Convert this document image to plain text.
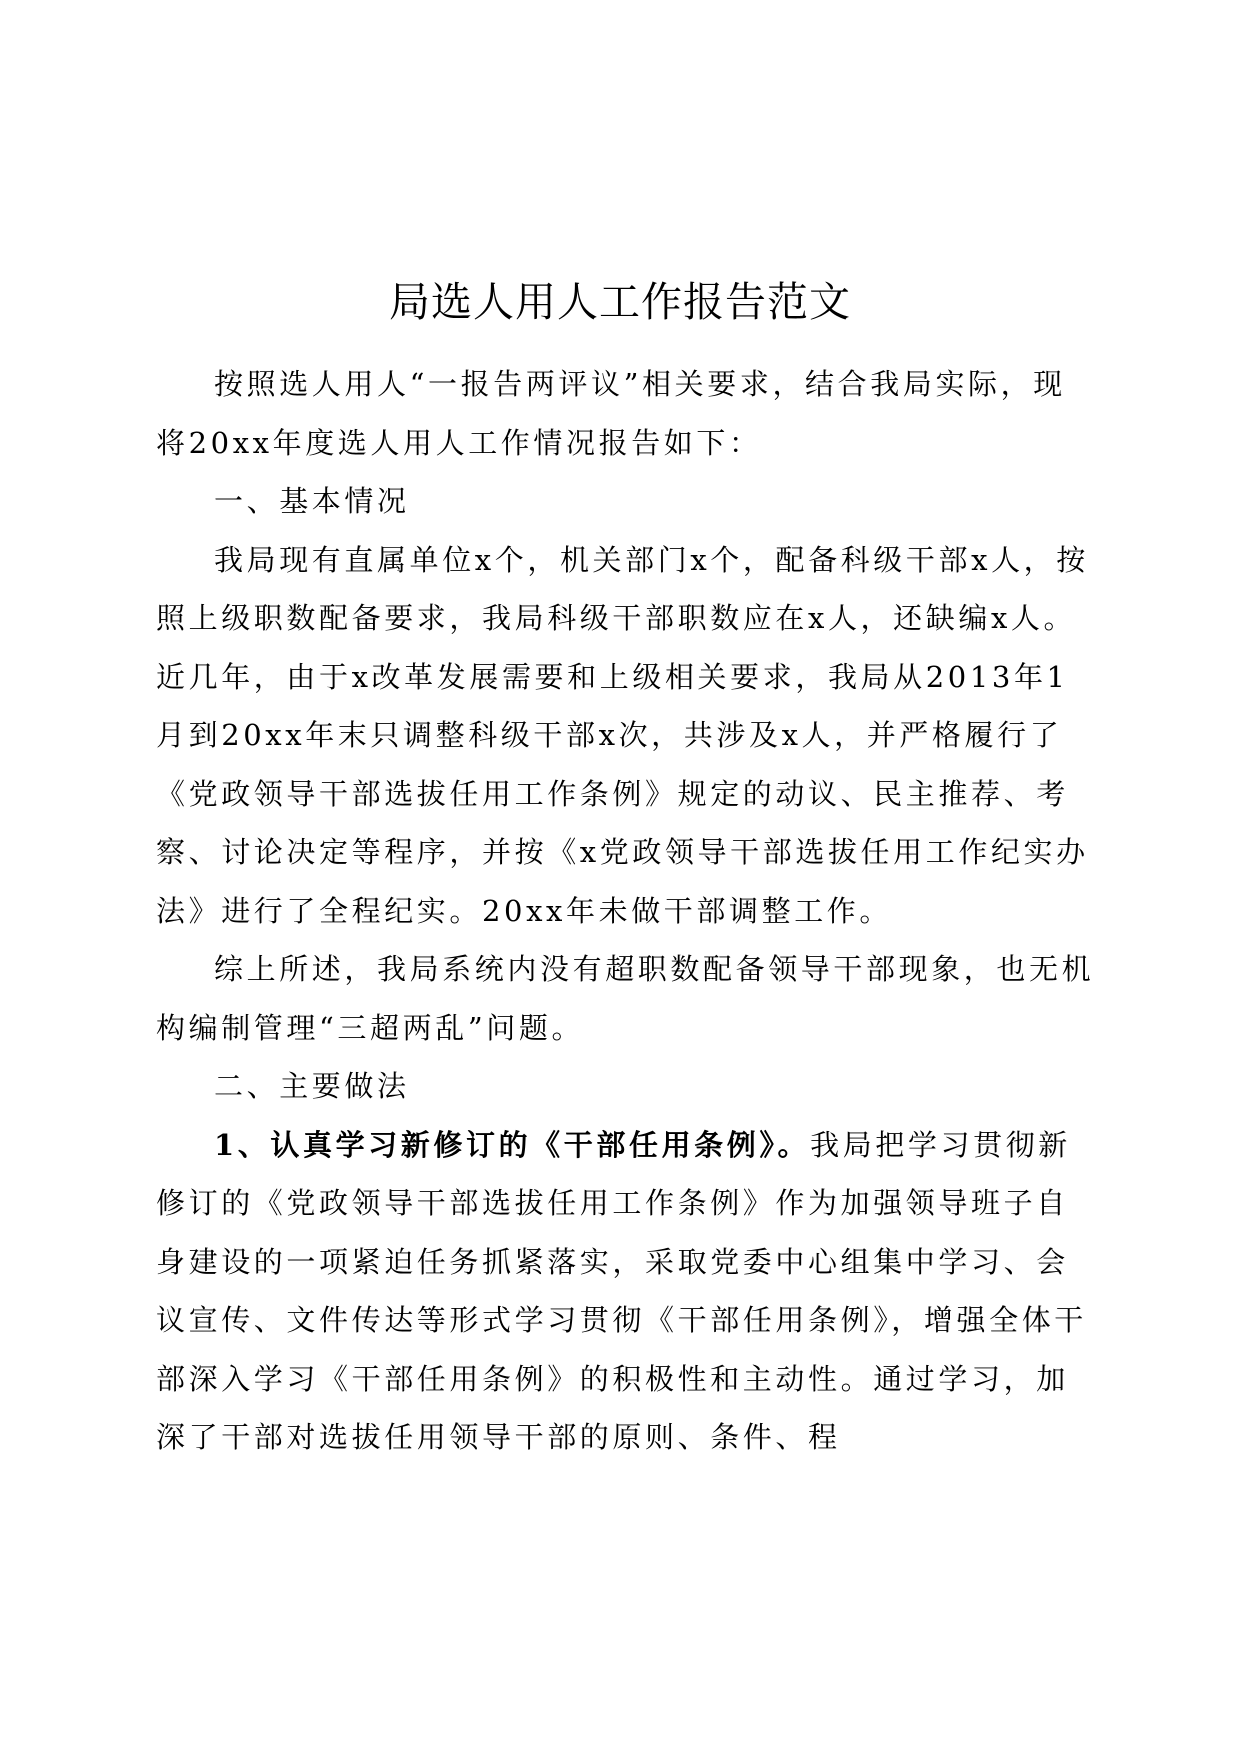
局选人用人工作报告范文

按照选人用人“一报告两评议”相关要求，结合我局实际，现将20xx年度选人用人工作情况报告如下：

一、基本情况

我局现有直属单位x个，机关部门x个，配备科级干部x人，按照上级职数配备要求，我局科级干部职数应在x人，还缺编x人。近几年，由于x改革发展需要和上级相关要求，我局从2013年1月到20xx年末只调整科级干部x次，共涉及x人，并严格履行了《党政领导干部选拔任用工作条例》规定的动议、民主推荐、考察、讨论决定等程序，并按《x党政领导干部选拔任用工作纪实办法》进行了全程纪实。20xx年未做干部调整工作。

综上所述，我局系统内没有超职数配备领导干部现象，也无机构编制管理“三超两乱”问题。

二、主要做法

1、认真学习新修订的《干部任用条例》。我局把学习贯彻新修订的《党政领导干部选拔任用工作条例》作为加强领导班子自身建设的一项紧迫任务抓紧落实，采取党委中心组集中学习、会议宣传、文件传达等形式学习贯彻《干部任用条例》，增强全体干部深入学习《干部任用条例》的积极性和主动性。通过学习，加深了干部对选拔任用领导干部的原则、条件、程
